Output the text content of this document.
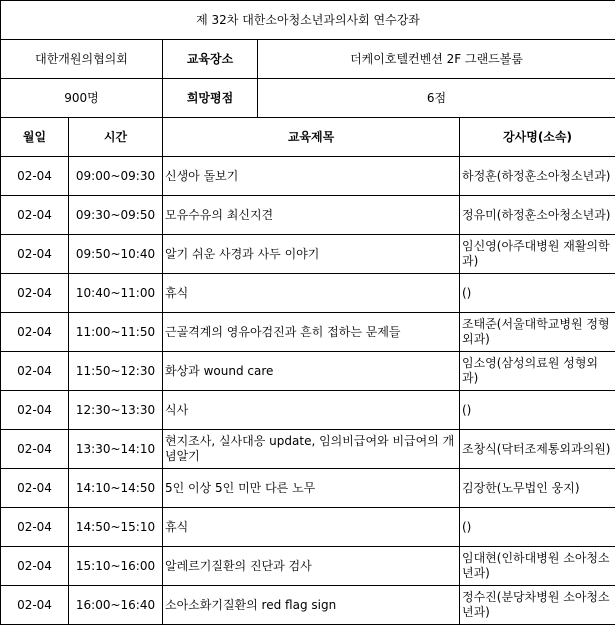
제 32차 대한소아청소년과의사회 연수강좌				
대한개원의협의회		교육장소	더케이호텔컨벤션 2F 그랜드볼룸	
900명		희망평점	6점	
월일	시간	교육제목		강사명(소속)
02-04	09:00~09:30	신생아 돌보기		하정훈(하정훈소아청소년과)
02-04	09:30~09:50	모유수유의 최신지견		정유미(하정훈소아청소년과)
02-04	09:50~10:40	알기 쉬운 사경과 사두 이야기		임신영(아주대병원 재활의학과)
02-04	10:40~11:00	휴식		()
02-04	11:00~11:50	근골격계의 영유아검진과 흔히 접하는 문제들		조태준(서울대학교병원 정형외과)
02-04	11:50~12:30	화상과 wound care		임소영(삼성의료원 성형외과)
02-04	12:30~13:30	식사		()
02-04	13:30~14:10	현지조사, 실사대응 update, 임의비급여와 비급여의 개념알기		조창식(닥터조제통외과의원)
02-04	14:10~14:50	5인 이상 5인 미만 다른 노무		김장한(노무법인 웅지)
02-04	14:50~15:10	휴식		()
02-04	15:10~16:00	알레르기질환의 진단과 검사		임대현(인하대병원 소아청소년과)
02-04	16:00~16:40	소아소화기질환의 red flag sign		정수진(분당차병원 소아청소년과)
